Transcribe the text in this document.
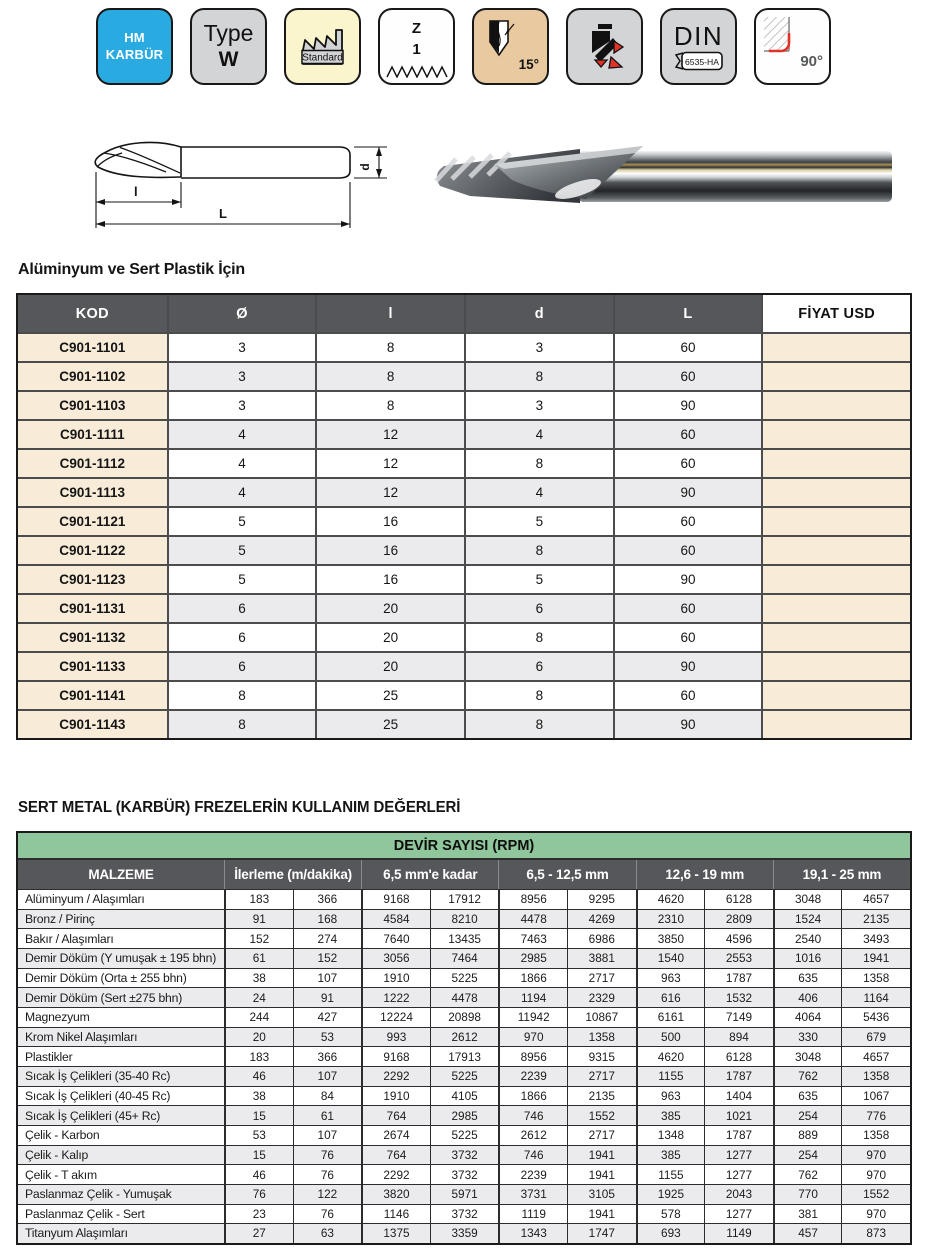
HM
KARBÜR
Type
W	Standard
Z
1
15°
DIN
6535-HA	90°
l
L
d
Alüminyum ve Sert Plastik İçin
KOD	Ø	l	d	L	FİYAT USD
C901-1101	3	8	3	60
C901-1102	3	8	8	60
C901-1103	3	8	3	90
C901-1111	4	12	4	60
C901-1112	4	12	8	60
C901-1113	4	12	4	90
C901-1121	5	16	5	60
C901-1122	5	16	8	60
C901-1123	5	16	5	90
C901-1131	6	20	6	60
C901-1132	6	20	8	60
C901-1133	6	20	6	90
C901-1141	8	25	8	60
C901-1143	8	25	8	90
SERT METAL (KARBÜR) FREZELERİN KULLANIM DEĞERLERİ
DEVİR SAYISI (RPM)
MALZEME	İlerleme (m/dakika)	6,5 mm'e kadar	6,5 - 12,5 mm	12,6 - 19 mm	19,1 - 25 mm
Alüminyum / Alaşımları	183	366	9168	17912	8956	9295	4620	6128	3048	4657
Bronz / Pirinç	91	168	4584	8210	4478	4269	2310	2809	1524	2135
Bakır / Alaşımları	152	274	7640	13435	7463	6986	3850	4596	2540	3493
Demir Döküm (Y umuşak ± 195 bhn)	61	152	3056	7464	2985	3881	1540	2553	1016	1941
Demir Döküm (Orta ± 255 bhn)	38	107	1910	5225	1866	2717	963	1787	635	1358
Demir Döküm (Sert ±275 bhn)	24	91	1222	4478	1194	2329	616	1532	406	1164
Magnezyum	244	427	12224	20898	11942	10867	6161	7149	4064	5436
Krom Nikel Alaşımları	20	53	993	2612	970	1358	500	894	330	679
Plastikler	183	366	9168	17913	8956	9315	4620	6128	3048	4657
Sıcak İş Çelikleri (35-40 Rc)	46	107	2292	5225	2239	2717	1155	1787	762	1358
Sıcak İş Çelikleri (40-45 Rc)	38	84	1910	4105	1866	2135	963	1404	635	1067
Sıcak İş Çelikleri (45+ Rc)	15	61	764	2985	746	1552	385	1021	254	776
Çelik - Karbon	53	107	2674	5225	2612	2717	1348	1787	889	1358
Çelik - Kalıp	15	76	764	3732	746	1941	385	1277	254	970
Çelik - T akım	46	76	2292	3732	2239	1941	1155	1277	762	970
Paslanmaz Çelik - Yumuşak	76	122	3820	5971	3731	3105	1925	2043	770	1552
Paslanmaz Çelik - Sert	23	76	1146	3732	1119	1941	578	1277	381	970
Titanyum Alaşımları	27	63	1375	3359	1343	1747	693	1149	457	873
